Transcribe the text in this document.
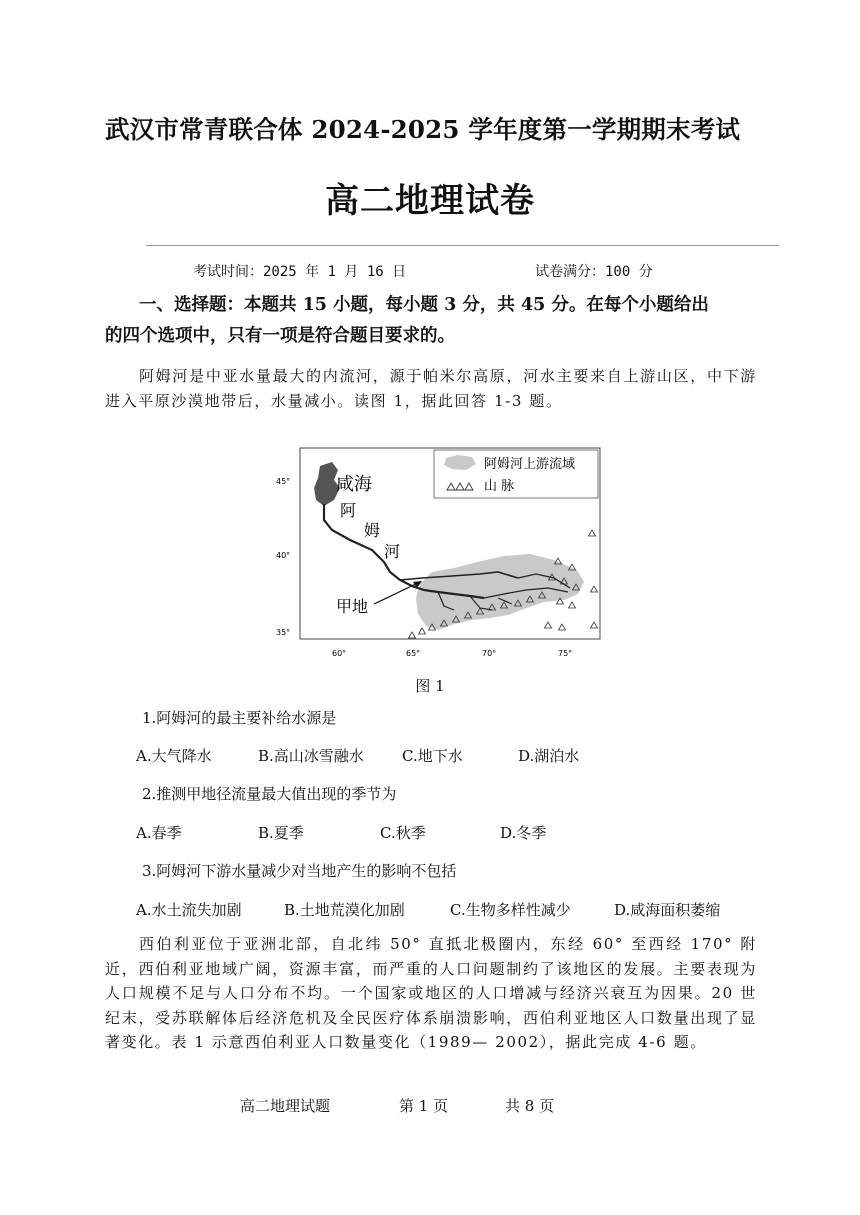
武汉市常青联合体 2024-2025 学年度第一学期期末考试
高二地理试卷
考试时间：2025 年 1 月 16 日	试卷满分：100 分
一、选择题：本题共 15 小题，每小题 3 分，共 45 分。在每个小题给出
的四个选项中，只有一项是符合题目要求的。
阿姆河是中亚水量最大的内流河，源于帕米尔高原，河水主要来自上游山区，中下游进入平原沙漠地带后，水量减小。读图 1，据此回答 1-3 题。
阿姆河上游流域
山 脉
咸海
阿
姆
河
甲地
45°
40°
35°
60°	65°	70°	75°
图 1
1.阿姆河的最主要补给水源是
A.大气降水	B.高山冰雪融水	C.地下水	D.湖泊水
2.推测甲地径流量最大值出现的季节为
A.春季	B.夏季	C.秋季	D.冬季
3.阿姆河下游水量减少对当地产生的影响不包括
A.水土流失加剧	B.土地荒漠化加剧	C.生物多样性减少	D.咸海面积萎缩
西伯利亚位于亚洲北部，自北纬 50° 直抵北极圈内，东经 60° 至西经 170° 附近，西伯利亚地域广阔，资源丰富，而严重的人口问题制约了该地区的发展。主要表现为人口规模不足与人口分布不均。一个国家或地区的人口增减与经济兴衰互为因果。20 世纪末，受苏联解体后经济危机及全民医疗体系崩溃影响，西伯利亚地区人口数量出现了显著变化。表 1 示意西伯利亚人口数量变化（1989— 2002），据此完成 4-6 题。
高二地理试题	第 1 页	共 8 页
